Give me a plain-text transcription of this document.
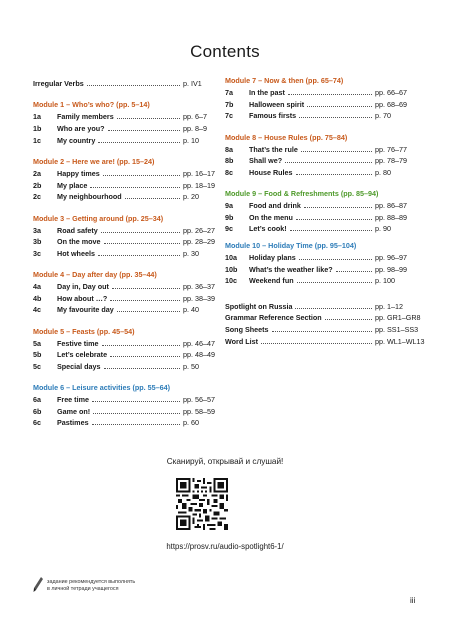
Contents
Irregular Verbs	p. IV1
Module 1 – Who’s who? (pp. 5–14)
1a	Family members	pp. 6–7
1b	Who are you?	pp. 8–9
1c	My country	p. 10
Module 2 – Here we are! (pp. 15–24)
2a	Happy times	pp. 16–17
2b	My place	pp. 18–19
2c	My neighbourhood	p. 20
Module 3 – Getting around (pp. 25–34)
3a	Road safety	pp. 26–27
3b	On the move	pp. 28–29
3c	Hot wheels	p. 30
Module 4 – Day after day (pp. 35–44)
4a	Day in, Day out	pp. 36–37
4b	How about …?	pp. 38–39
4c	My favourite day	p. 40
Module 5 – Feasts (pp. 45–54)
5a	Festive time	pp. 46–47
5b	Let’s celebrate	pp. 48–49
5c	Special days	p. 50
Module 6 – Leisure activities (pp. 55–64)
6a	Free time	pp. 56–57
6b	Game on!	pp. 58–59
6c	Pastimes	p. 60
Module 7 – Now & then (pp. 65–74)
7a	In the past	pp. 66–67
7b	Halloween spirit	pp. 68–69
7c	Famous firsts	p. 70
Module 8 – House Rules (pp. 75–84)
8a	That’s the rule	pp. 76–77
8b	Shall we?	pp. 78–79
8c	House Rules	p. 80
Module 9 – Food & Refreshments (pp. 85–94)
9a	Food and drink	pp. 86–87
9b	On the menu	pp. 88–89
9c	Let’s cook!	p. 90
Module 10 – Holiday Time (pp. 95–104)
10a	Holiday plans	pp. 96–97
10b	What’s the weather like?	pp. 98–99
10c	Weekend fun	p. 100
Spotlight on Russia	pp. 1–12
Grammar Reference Section	pp. GR1–GR8
Song Sheets	pp. SS1–SS3
Word List	pp. WL1–WL13
Сканируй, открывай и слушай!
https://prosv.ru/audio-spotlight6-1/
задание рекомендуется выполнять
в личной тетради учащегося
iii
